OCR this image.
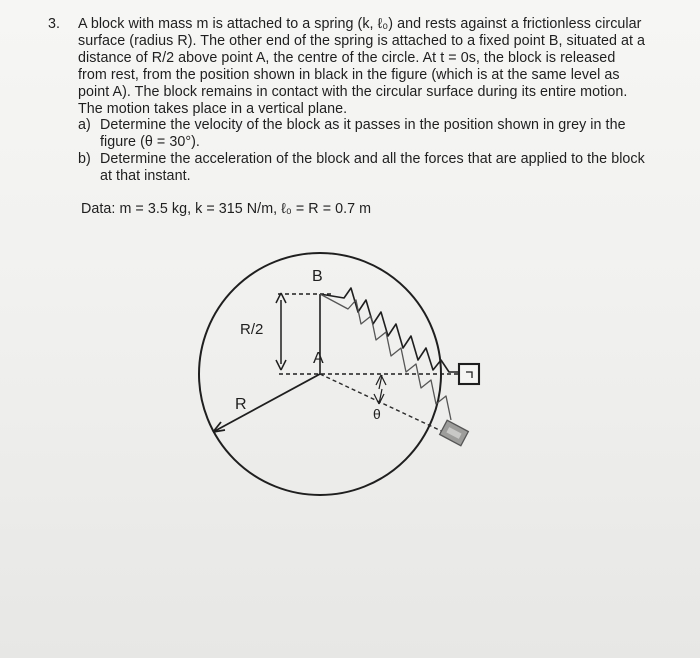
3.	A block with mass m is attached to a spring (k, ℓ₀) and rests against a frictionless circular surface (radius R). The other end of the spring is attached to a fixed point B, situated at a distance of R/2 above point A, the centre of the circle. At t = 0s, the block is released from rest, from the position shown in black in the figure (which is at the same level as point A). The block remains in contact with the circular surface during its entire motion. The motion takes place in a vertical plane.
a) Determine the velocity of the block as it passes in the position shown in grey in the figure (θ = 30°).
b) Determine the acceleration of the block and all the forces that are applied to the block at that instant.
Data: m = 3.5 kg, k = 315 N/m, ℓ₀ = R = 0.7 m
B
A
R/2
R
θ
